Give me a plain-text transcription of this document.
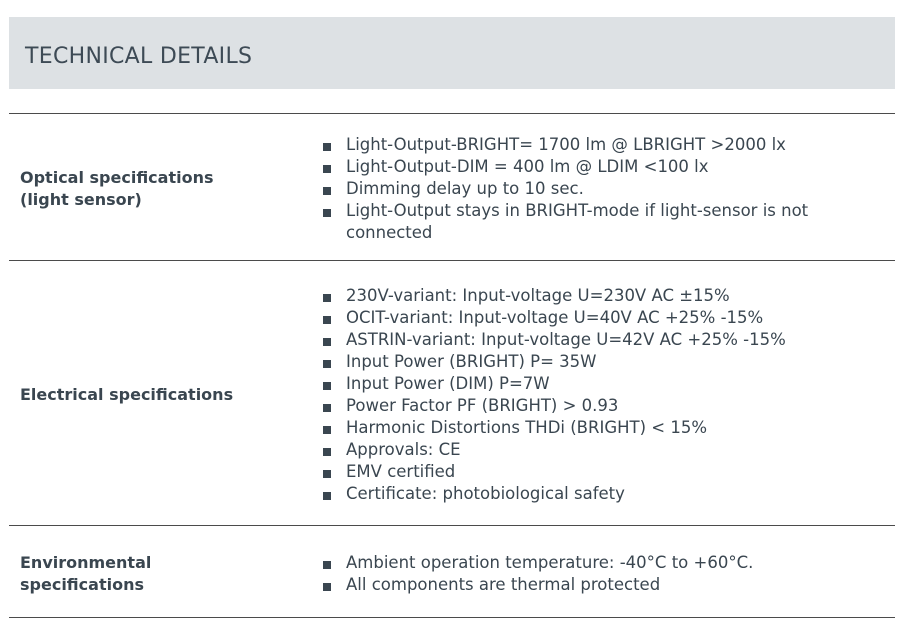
TECHNICAL DETAILS
Optical specifications
(light sensor)
Light-Output-BRIGHT= 1700 lm @ LBRIGHT >2000 lx
Light-Output-DIM = 400 lm @ LDIM <100 lx
Dimming delay up to 10 sec.
Light-Output stays in BRIGHT-mode if light-sensor is not
connected
Electrical specifications
230V-variant: Input-voltage U=230V AC ±15%
OCIT-variant: Input-voltage U=40V AC +25% -15%
ASTRIN-variant: Input-voltage U=42V AC +25% -15%
Input Power (BRIGHT) P= 35W
Input Power (DIM) P=7W
Power Factor PF (BRIGHT) > 0.93
Harmonic Distortions THDi (BRIGHT) < 15%
Approvals: CE
EMV certified
Certificate: photobiological safety
Environmental
specifications
Ambient operation temperature: -40°C to +60°C.
All components are thermal protected
